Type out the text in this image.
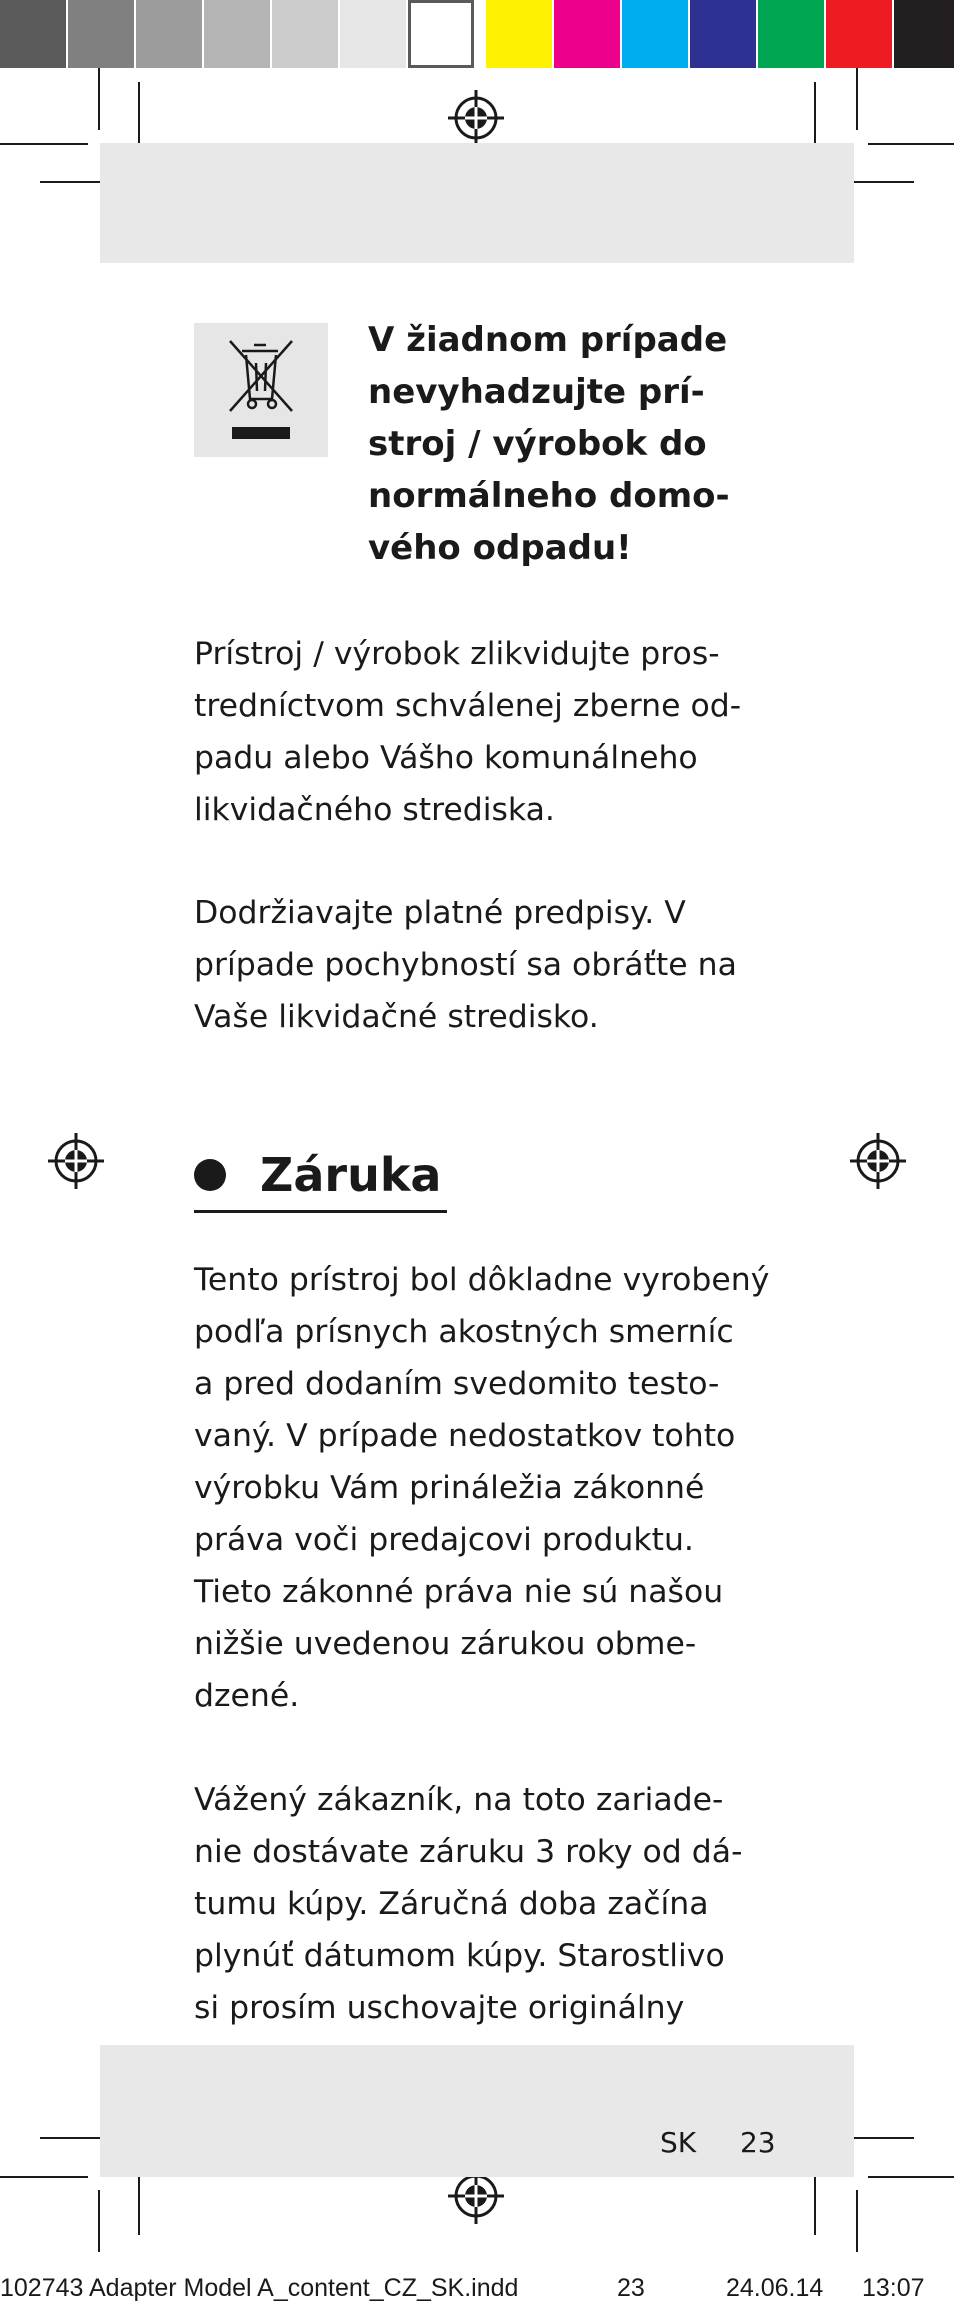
V žiadnom prípade
nevyhadzujte prí-
stroj / výrobok do
normálneho domo-
vého odpadu!

Prístroj / výrobok zlikvidujte pros-
tredníctvom schválenej zberne od-
padu alebo Vášho komunálneho
likvidačného strediska.

Dodržiavajte platné predpisy. V
prípade pochybností sa obráťte na
Vaše likvidačné stredisko.

Záruka

Tento prístroj bol dôkladne vyrobený
podľa prísnych akostných smerníc
a pred dodaním svedomito testo-
vaný. V prípade nedostatkov tohto
výrobku Vám prináležia zákonné
práva voči predajcovi produktu.
Tieto zákonné práva nie sú našou
nižšie uvedenou zárukou obme-
dzené.

Vážený zákazník, na toto zariade-
nie dostávate záruku 3 roky od dá-
tumu kúpy. Záručná doba začína
plynúť dátumom kúpy. Starostlivo
si prosím uschovajte originálny

SK 23
102743 Adapter Model A_content_CZ_SK.indd	23	24.06.14 13:07
